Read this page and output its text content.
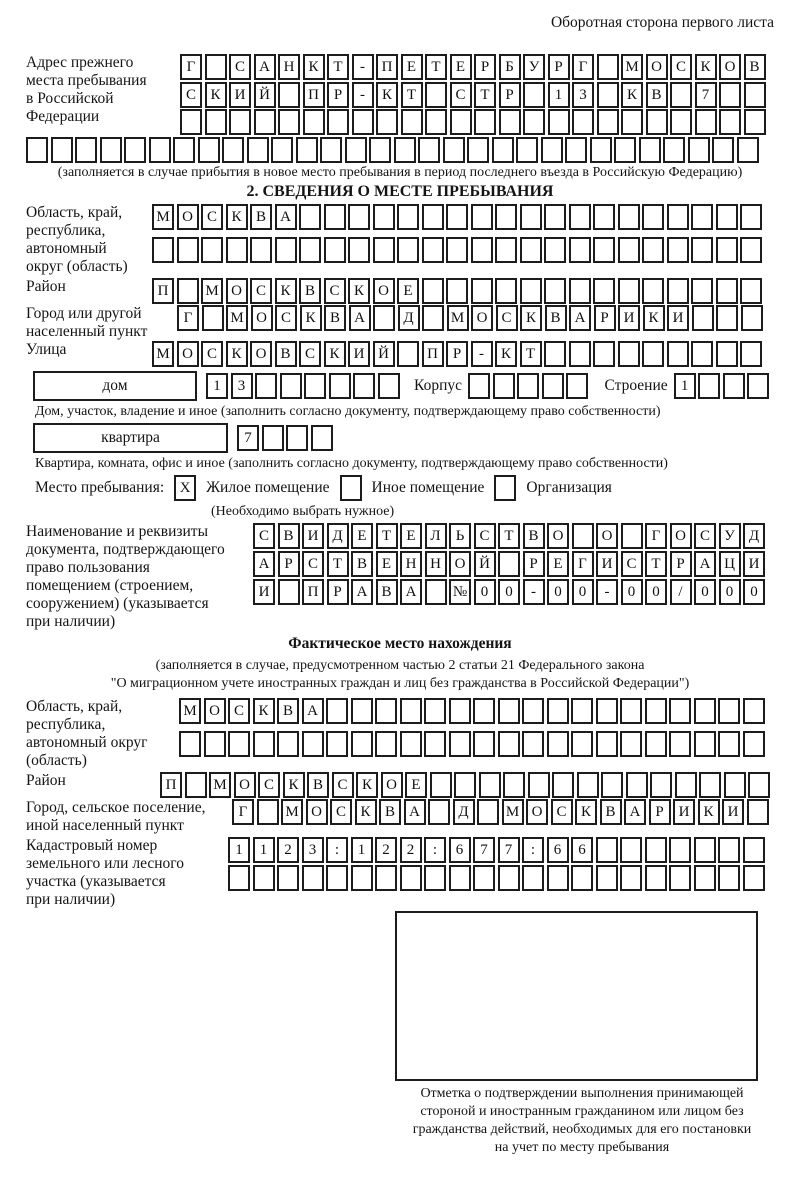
Оборотная сторона первого листа
Адрес прежнего
места пребывания
в Российской
Федерации
Г	С А Н К Т - П Е Т Е Р Б У Р Г	М О С К О В
С К И Й	П Р - К Т	С Т Р	1 3	К В	7
(заполняется в случае прибытия в новое место пребывания в период последнего въезда в Российскую Федерацию)
2. СВЕДЕНИЯ О МЕСТЕ ПРЕБЫВАНИЯ
Область, край,
республика,
автономный
округ (область)
М О С К В А
Район	П М О С К В С К О Е
Город или другой
населенный пункт
Г	М О С К В А	Д М О С К В А Р И К И
Улица	М О С К О В С К И Й	П Р - К Т
дом	1 3	Корпус	Строение 1
Дом, участок, владение и иное (заполнить согласно документу, подтверждающему право собственности)
квартира	7
Квартира, комната, офис и иное (заполнить согласно документу, подтверждающему право собственности)
Место пребывания:	X	Жилое помещение	Иное помещение	Организация
(Необходимо выбрать нужное)
Наименование и реквизиты
документа, подтверждающего
право пользования
помещением (строением,
сооружением) (указывается
при наличии)
С В И Д Е Т Е Л Ь С Т В О	О	Г О С У Д
А Р С Т В Е Н Н О Й	Р Е Г И С Т Р А Ц И
И	П Р А В А № 0 0 - 0 0 - 0 0 / 0 0 0
Фактическое место нахождения
(заполняется в случае, предусмотренном частью 2 статьи 21 Федерального закона
"О миграционном учете иностранных граждан и лиц без гражданства в Российской Федерации")
Область, край,
республика,
автономный округ
(область)
М О С К В А
Район	П М О С К В С К О Е
Город, сельское поселение,
иной населенный пункт
Г	М О С К В А	Д М О С К В А Р И К И
Кадастровый номер
земельного или лесного
участка (указывается
при наличии)
1 1 2 3 : 1 2 2 : 6 7 7 : 6 6
Отметка о подтверждении выполнения принимающей
стороной и иностранным гражданином или лицом без
гражданства действий, необходимых для его постановки
на учет по месту пребывания
